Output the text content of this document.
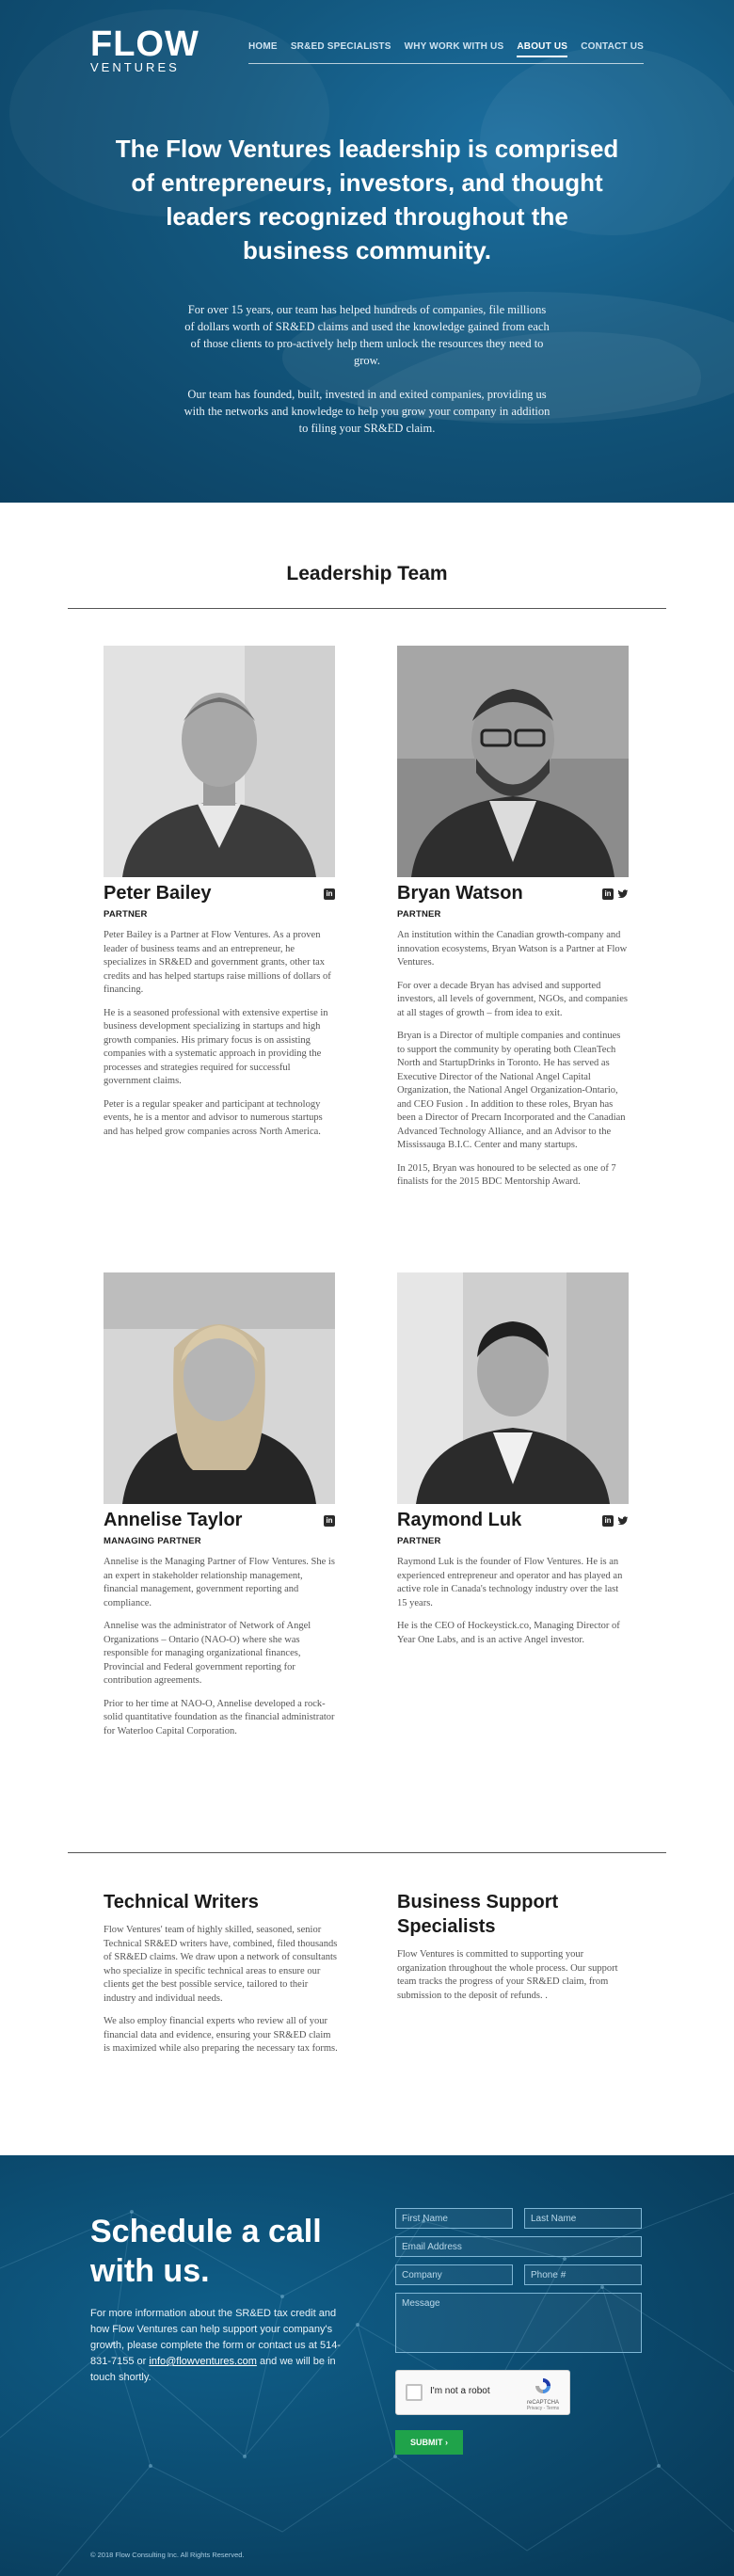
FLOW
VENTURES
HOME SR&ED SPECIALISTS WHY WORK WITH US ABOUT US CONTACT US
The Flow Ventures leadership is comprised of entrepreneurs, investors, and thought leaders recognized throughout the business community.

For over 15 years, our team has helped hundreds of companies, file millions of dollars worth of SR&ED claims and used the knowledge gained from each of those clients to pro-actively help them unlock the resources they need to grow.

Our team has founded, built, invested in and exited companies, providing us with the networks and knowledge to help you grow your company in addition to filing your SR&ED claim.

Leadership Team
Peter Bailey	in
PARTNER

Peter Bailey is a Partner at Flow Ventures. As a proven leader of business teams and an entrepreneur, he specializes in SR&ED and government grants, other tax credits and has helped startups raise millions of dollars of financing.

He is a seasoned professional with extensive expertise in business development specializing in startups and high growth companies. His primary focus is on assisting companies with a systematic approach in providing the processes and strategies required for successful government claims.

Peter is a regular speaker and participant at technology events, he is a mentor and advisor to numerous startups and has helped grow companies across North America.

Bryan Watson	in
PARTNER

An institution within the Canadian growth-company and innovation ecosystems, Bryan Watson is a Partner at Flow Ventures.

For over a decade Bryan has advised and supported investors, all levels of government, NGOs, and companies at all stages of growth – from idea to exit.

Bryan is a Director of multiple companies and continues to support the community by operating both CleanTech North and StartupDrinks in Toronto. He has served as Executive Director of the National Angel Capital Organization, the National Angel Organization-Ontario, and CEO Fusion . In addition to these roles, Bryan has been a Director of Precarn Incorporated and the Canadian Advanced Technology Alliance, and an Advisor to the Mississauga B.I.C. Center and many startups.

In 2015, Bryan was honoured to be selected as one of 7 finalists for the 2015 BDC Mentorship Award.

Annelise Taylor	in
MANAGING PARTNER

Annelise is the Managing Partner of Flow Ventures. She is an expert in stakeholder relationship management, financial management, government reporting and compliance.

Annelise was the administrator of Network of Angel Organizations – Ontario (NAO-O) where she was responsible for managing organizational finances, Provincial and Federal government reporting for contribution agreements.

Prior to her time at NAO-O, Annelise developed a rock-solid quantitative foundation as the financial administrator for Waterloo Capital Corporation.

Raymond Luk	in
PARTNER

Raymond Luk is the founder of Flow Ventures. He is an experienced entrepreneur and operator and has played an active role in Canada's technology industry over the last 15 years.

He is the CEO of Hockeystick.co, Managing Director of Year One Labs, and is an active Angel investor.

Technical Writers

Flow Ventures' team of highly skilled, seasoned, senior Technical SR&ED writers have, combined, filed thousands of SR&ED claims. We draw upon a network of consultants who specialize in specific technical areas to ensure our clients get the best possible service, tailored to their industry and individual needs.

We also employ financial experts who review all of your financial data and evidence, ensuring your SR&ED claim is maximized while also preparing the necessary tax forms.

Business Support Specialists

Flow Ventures is committed to supporting your organization throughout the whole process. Our support team tracks the progress of your SR&ED claim, from submission to the deposit of refunds. .

Schedule a call with us.

For more information about the SR&ED tax credit and how Flow Ventures can help support your company's growth, please complete the form or contact us at 514-831-7155 or info@flowventures.com and we will be in touch shortly.

First Name	Last Name
Email Address
Company	Phone #
Message
I'm not a robot
reCAPTCHA
Privacy - Terms
SUBMIT ›
© 2018 Flow Consulting Inc. All Rights Reserved.
